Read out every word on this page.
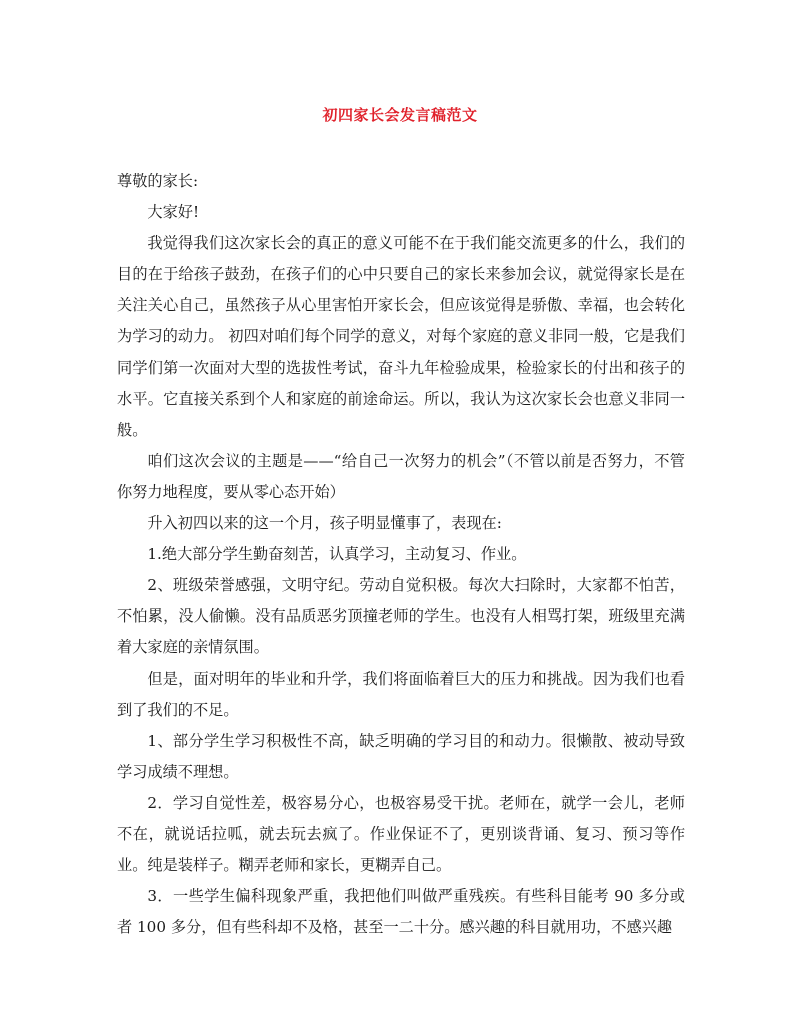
初四家长会发言稿范文

尊敬的家长:

大家好!

我觉得我们这次家长会的真正的意义可能不在于我们能交流更多的什么，我们的目的在于给孩子鼓劲，在孩子们的心中只要自己的家长来参加会议，就觉得家长是在关注关心自己，虽然孩子从心里害怕开家长会，但应该觉得是骄傲、幸福，也会转化为学习的动力。 初四对咱们每个同学的意义，对每个家庭的意义非同一般，它是我们同学们第一次面对大型的选拔性考试，奋斗九年检验成果，检验家长的付出和孩子的水平。它直接关系到个人和家庭的前途命运。所以，我认为这次家长会也意义非同一般。

咱们这次会议的主题是——“给自己一次努力的机会”（不管以前是否努力，不管你努力地程度，要从零心态开始）

升入初四以来的这一个月，孩子明显懂事了，表现在:

1.绝大部分学生勤奋刻苦，认真学习，主动复习、作业。

2、班级荣誉感强，文明守纪。劳动自觉积极。每次大扫除时，大家都不怕苦，不怕累，没人偷懒。没有品质恶劣顶撞老师的学生。也没有人相骂打架，班级里充满着大家庭的亲情氛围。

但是，面对明年的毕业和升学，我们将面临着巨大的压力和挑战。因为我们也看到了我们的不足。

1、部分学生学习积极性不高，缺乏明确的学习目的和动力。很懒散、被动导致学习成绩不理想。

2．学习自觉性差，极容易分心，也极容易受干扰。老师在，就学一会儿，老师不在，就说话拉呱，就去玩去疯了。作业保证不了，更别谈背诵、复习、预习等作业。纯是装样子。糊弄老师和家长，更糊弄自己。

3．一些学生偏科现象严重，我把他们叫做严重残疾。有些科目能考 90 多分或者 100 多分，但有些科却不及格，甚至一二十分。感兴趣的科目就用功，不感兴趣
